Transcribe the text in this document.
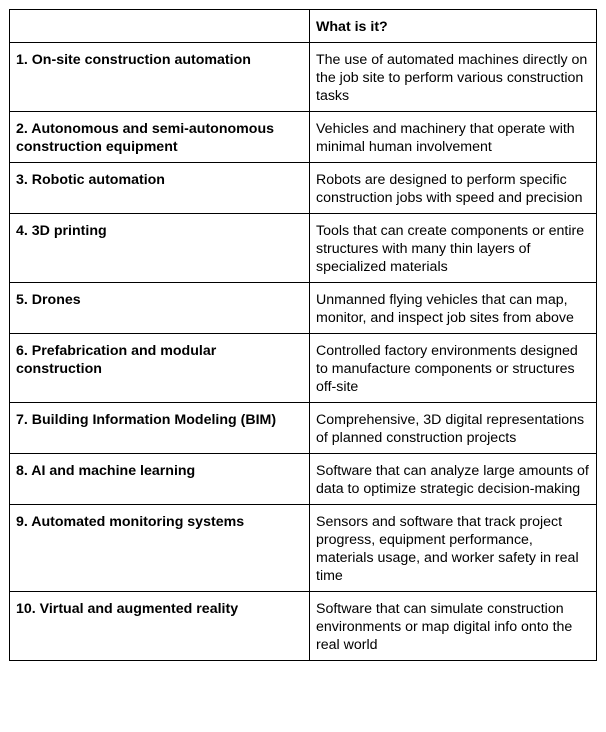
	What is it?
1. On-site construction automation	The use of automated machines directly on the job site to perform various construction tasks
2. Autonomous and semi-autonomous construction equipment	Vehicles and machinery that operate with minimal human involvement
3. Robotic automation	Robots are designed to perform specific construction jobs with speed and precision
4. 3D printing	Tools that can create components or entire structures with many thin layers of specialized materials
5. Drones	Unmanned flying vehicles that can map, monitor, and inspect job sites from above
6. Prefabrication and modular construction	Controlled factory environments designed to manufacture components or structures off-site
7. Building Information Modeling (BIM)	Comprehensive, 3D digital representations of planned construction projects
8. AI and machine learning	Software that can analyze large amounts of data to optimize strategic decision-making
9. Automated monitoring systems	Sensors and software that track project progress, equipment performance, materials usage, and worker safety in real time
10. Virtual and augmented reality	Software that can simulate construction environments or map digital info onto the real world
